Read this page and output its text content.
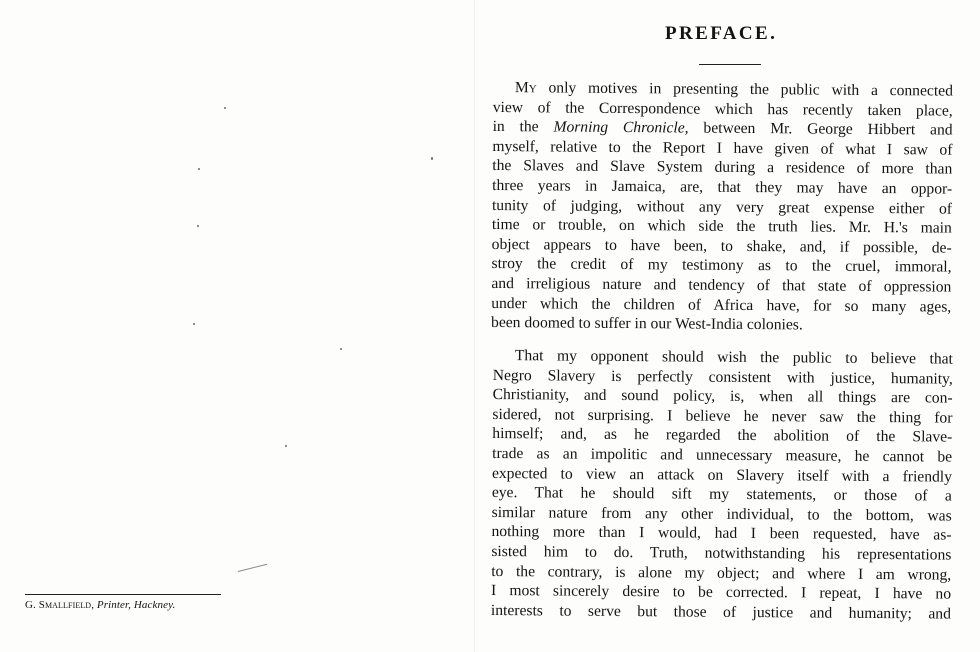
G. Smallfield, Printer, Hackney.
PREFACE.
My only motives in presenting the public with a connected
view of the Correspondence which has recently taken place,
in the Morning Chronicle, between Mr. George Hibbert and
myself, relative to the Report I have given of what I saw of
the Slaves and Slave System during a residence of more than
three years in Jamaica, are, that they may have an oppor-
tunity of judging, without any very great expense either of
time or trouble, on which side the truth lies. Mr. H.'s main
object appears to have been, to shake, and, if possible, de-
stroy the credit of my testimony as to the cruel, immoral,
and irreligious nature and tendency of that state of oppression
under which the children of Africa have, for so many ages,
been doomed to suffer in our West-India colonies.
That my opponent should wish the public to believe that
Negro Slavery is perfectly consistent with justice, humanity,
Christianity, and sound policy, is, when all things are con-
sidered, not surprising. I believe he never saw the thing for
himself; and, as he regarded the abolition of the Slave-
trade as an impolitic and unnecessary measure, he cannot be
expected to view an attack on Slavery itself with a friendly
eye. That he should sift my statements, or those of a
similar nature from any other individual, to the bottom, was
nothing more than I would, had I been requested, have as-
sisted him to do. Truth, notwithstanding his representations
to the contrary, is alone my object; and where I am wrong,
I most sincerely desire to be corrected. I repeat, I have no
interests to serve but those of justice and humanity; and
